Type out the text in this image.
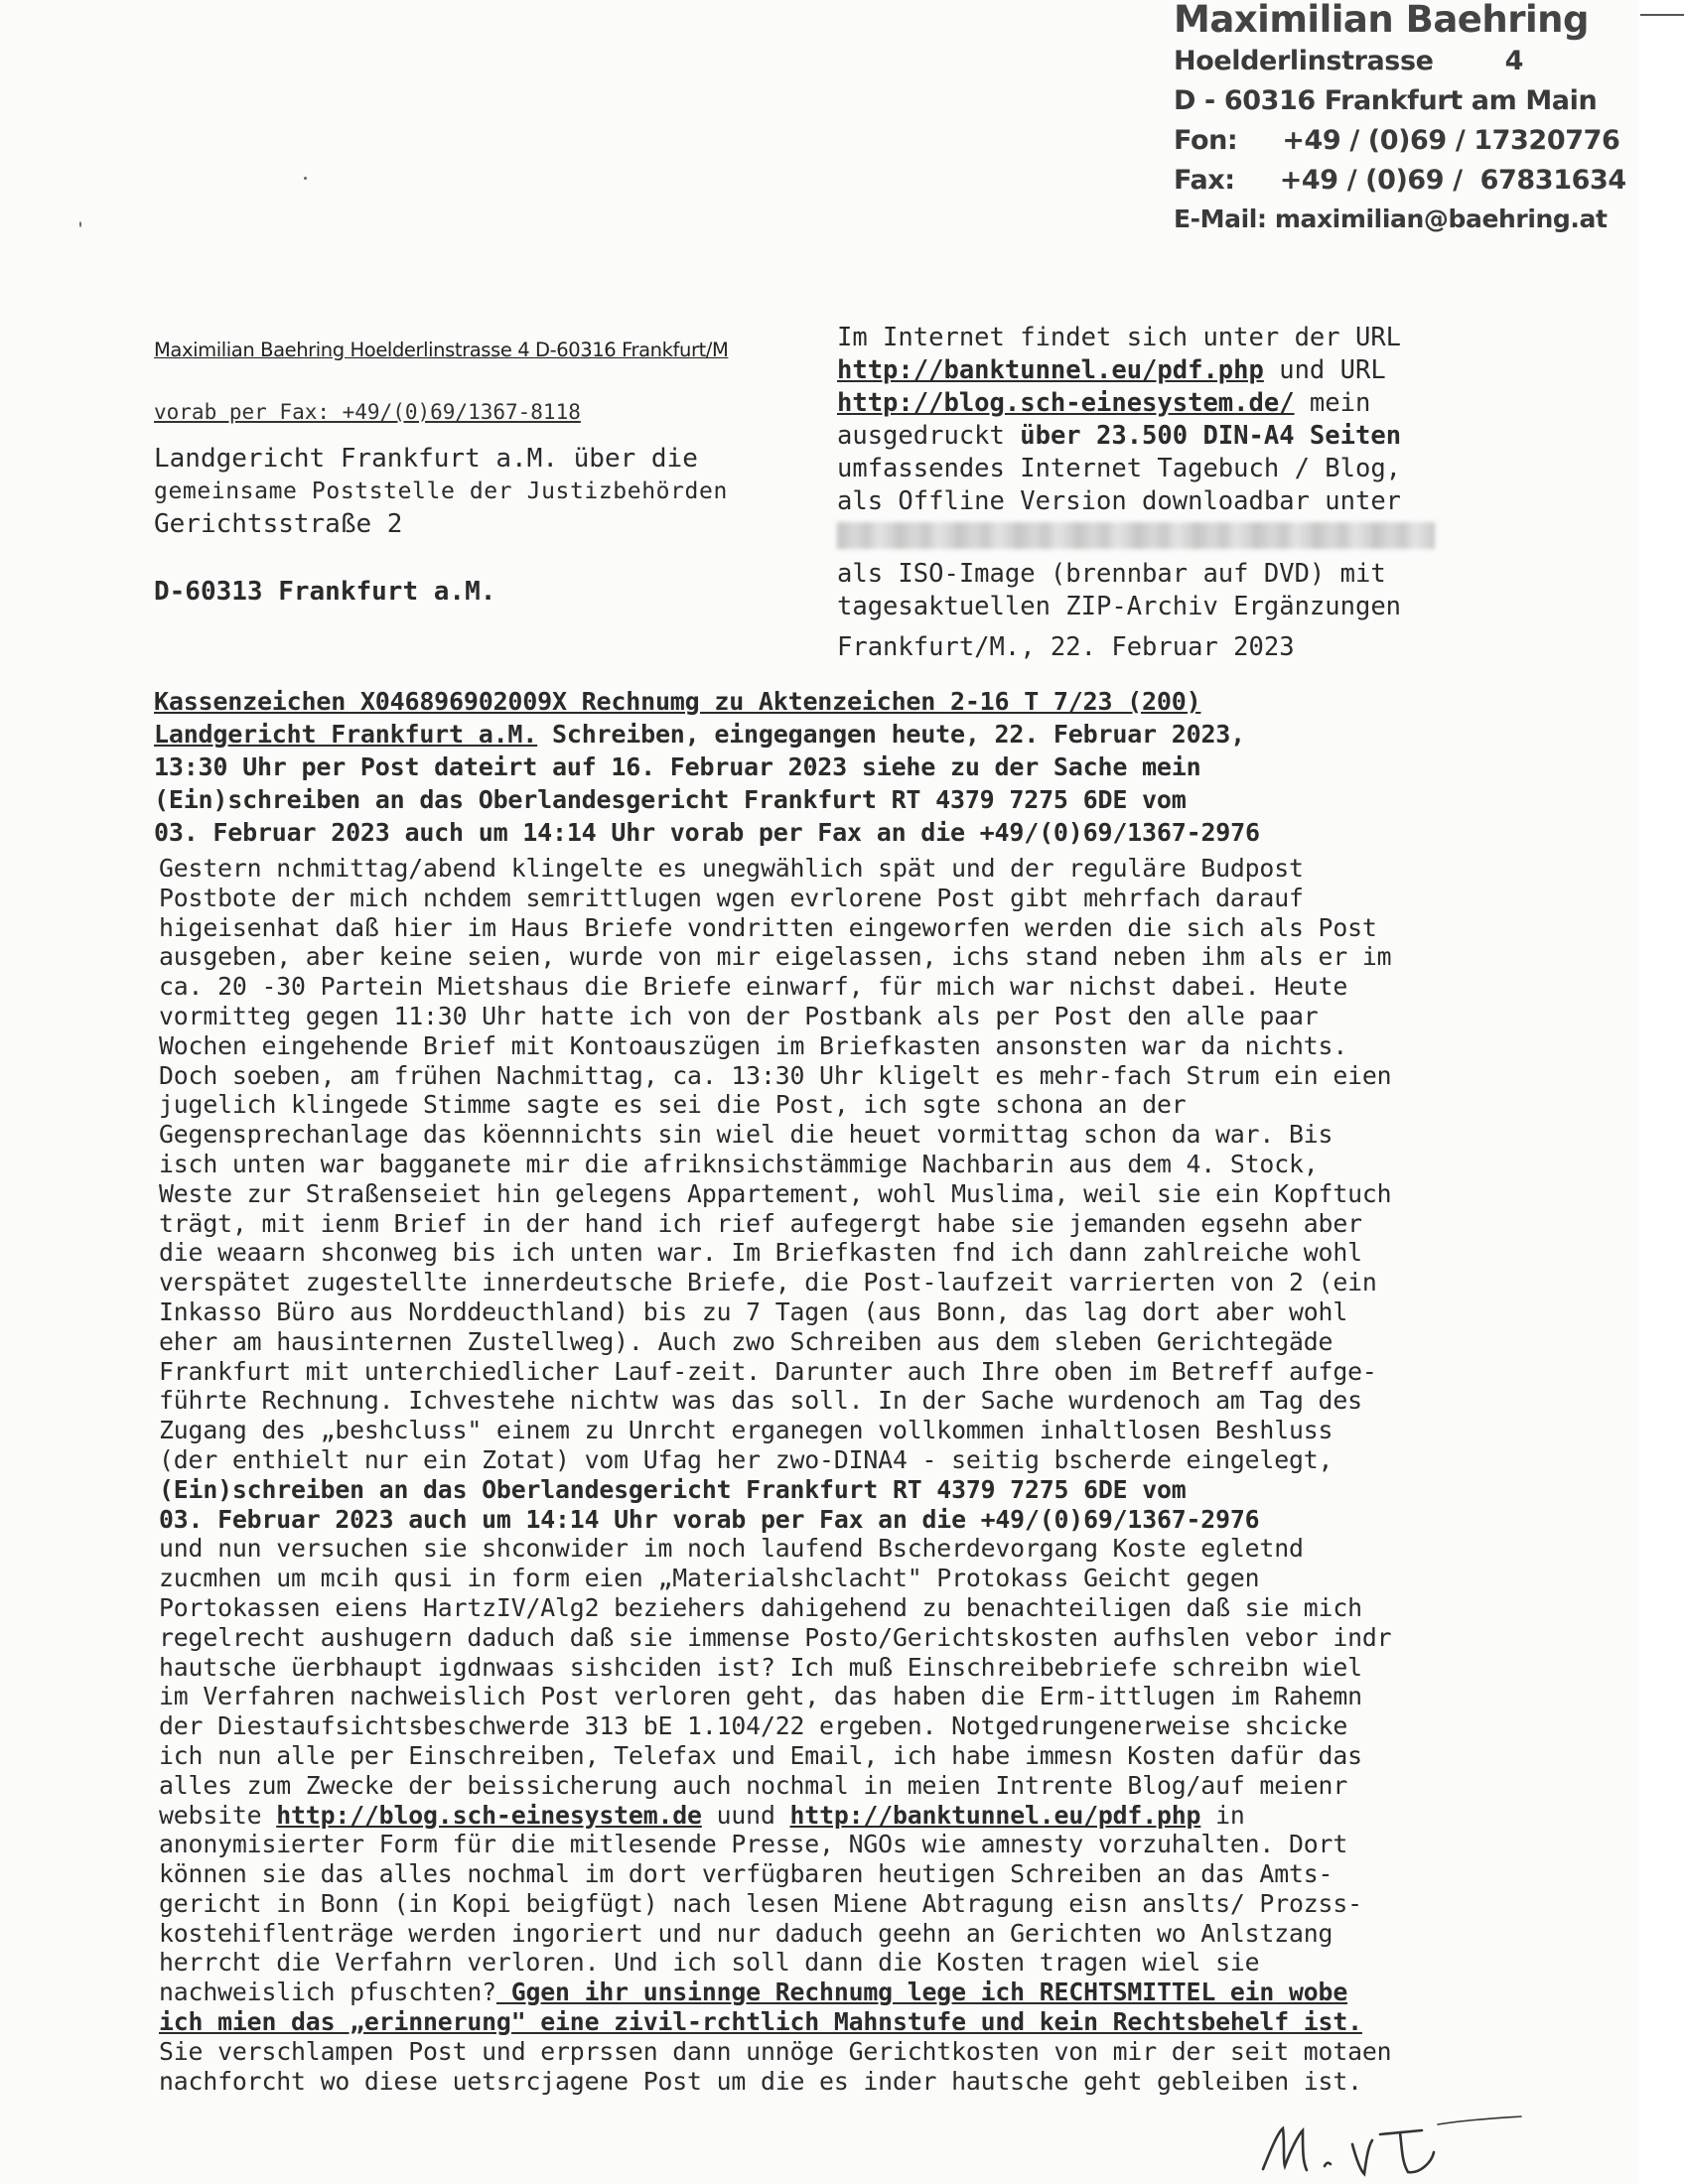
Maximilian Baehring
Hoelderlinstrasse        4
D - 60316 Frankfurt am Main
Fon:     +49 / (0)69 / 17320776
Fax:     +49 / (0)69 /  67831634
E-Mail: maximilian@baehring.at
Maximilian Baehring Hoelderlinstrasse 4 D-60316 Frankfurt/M
vorab per Fax: +49/(0)69/1367-8118
Landgericht Frankfurt a.M. über die
gemeinsame Poststelle der Justizbehörden
Gerichtsstraße 2
D-60313 Frankfurt a.M.
Im Internet findet sich unter der URL
http://banktunnel.eu/pdf.php und URL
http://blog.sch-einesystem.de/ mein
ausgedruckt über 23.500 DIN-A4 Seiten
umfassendes Internet Tagebuch / Blog,
als Offline Version downloadbar unter
als ISO-Image (brennbar auf DVD) mit
tagesaktuellen ZIP-Archiv Ergänzungen
Frankfurt/M., 22. Februar 2023
Kassenzeichen X046896902009X Rechnumg zu Aktenzeichen 2-16 T 7/23 (200)
Landgericht Frankfurt a.M. Schreiben, eingegangen heute, 22. Februar 2023,
13:30 Uhr per Post dateirt auf 16. Februar 2023 siehe zu der Sache mein
(Ein)schreiben an das Oberlandesgericht Frankfurt RT 4379 7275 6DE vom
03. Februar 2023 auch um 14:14 Uhr vorab per Fax an die +49/(0)69/1367-2976
Gestern nchmittag/abend klingelte es unegwählich spät und der reguläre Budpost
Postbote der mich nchdem semrittlugen wgen evrlorene Post gibt mehrfach darauf
higeisenhat daß hier im Haus Briefe vondritten eingeworfen werden die sich als Post
ausgeben, aber keine seien, wurde von mir eigelassen, ichs stand neben ihm als er im
ca. 20 -30 Partein Mietshaus die Briefe einwarf, für mich war nichst dabei. Heute
vormitteg gegen 11:30 Uhr hatte ich von der Postbank als per Post den alle paar
Wochen eingehende Brief mit Kontoauszügen im Briefkasten ansonsten war da nichts.
Doch soeben, am frühen Nachmittag, ca. 13:30 Uhr kligelt es mehr-fach Strum ein eien
jugelich klingede Stimme sagte es sei die Post, ich sgte schona an der
Gegensprechanlage das köennnichts sin wiel die heuet vormittag schon da war. Bis
isch unten war bagganete mir die afriknsichstämmige Nachbarin aus dem 4. Stock,
Weste zur Straßenseiet hin gelegens Appartement, wohl Muslima, weil sie ein Kopftuch
trägt, mit ienm Brief in der hand ich rief aufegergt habe sie jemanden egsehn aber
die weaarn shconweg bis ich unten war. Im Briefkasten fnd ich dann zahlreiche wohl
verspätet zugestellte innerdeutsche Briefe, die Post-laufzeit varrierten von 2 (ein
Inkasso Büro aus Norddeucthland) bis zu 7 Tagen (aus Bonn, das lag dort aber wohl
eher am hausinternen Zustellweg). Auch zwo Schreiben aus dem sleben Gerichtegäde
Frankfurt mit unterchiedlicher Lauf-zeit. Darunter auch Ihre oben im Betreff aufge-
führte Rechnung. Ichvestehe nichtw was das soll. In der Sache wurdenoch am Tag des
Zugang des „beshcluss" einem zu Unrcht erganegen vollkommen inhaltlosen Beshluss
(der enthielt nur ein Zotat) vom Ufag her zwo-DINA4 - seitig bscherde eingelegt,
(Ein)schreiben an das Oberlandesgericht Frankfurt RT 4379 7275 6DE vom
03. Februar 2023 auch um 14:14 Uhr vorab per Fax an die +49/(0)69/1367-2976
und nun versuchen sie shconwider im noch laufend Bscherdevorgang Koste egletnd
zucmhen um mcih qusi in form eien „Materialshclacht" Protokass Geicht gegen
Portokassen eiens HartzIV/Alg2 beziehers dahigehend zu benachteiligen daß sie mich
regelrecht aushugern daduch daß sie immense Posto/Gerichtskosten aufhslen vebor indr
hautsche üerbhaupt igdnwaas sishciden ist? Ich muß Einschreibebriefe schreibn wiel
im Verfahren nachweislich Post verloren geht, das haben die Erm-ittlugen im Rahemn
der Diestaufsichtsbeschwerde 313 bE 1.104/22 ergeben. Notgedrungenerweise shcicke
ich nun alle per Einschreiben, Telefax und Email, ich habe immesn Kosten dafür das
alles zum Zwecke der beissicherung auch nochmal in meien Intrente Blog/auf meienr
website http://blog.sch-einesystem.de uund http://banktunnel.eu/pdf.php in
anonymisierter Form für die mitlesende Presse, NGOs wie amnesty vorzuhalten. Dort
können sie das alles nochmal im dort verfügbaren heutigen Schreiben an das Amts-
gericht in Bonn (in Kopi beigfügt) nach lesen Miene Abtragung eisn anslts/ Prozss-
kostehiflenträge werden ingoriert und nur daduch geehn an Gerichten wo Anlstzang
herrcht die Verfahrn verloren. Und ich soll dann die Kosten tragen wiel sie
nachweislich pfuschten? Ggen ihr unsinnge Rechnumg lege ich RECHTSMITTEL ein wobe
ich mien das „erinnerung" eine zivil-rchtlich Mahnstufe und kein Rechtsbehelf ist.
Sie verschlampen Post und erprssen dann unnöge Gerichtkosten von mir der seit motaen
nachforcht wo diese uetsrcjagene Post um die es inder hautsche geht gebleiben ist.
